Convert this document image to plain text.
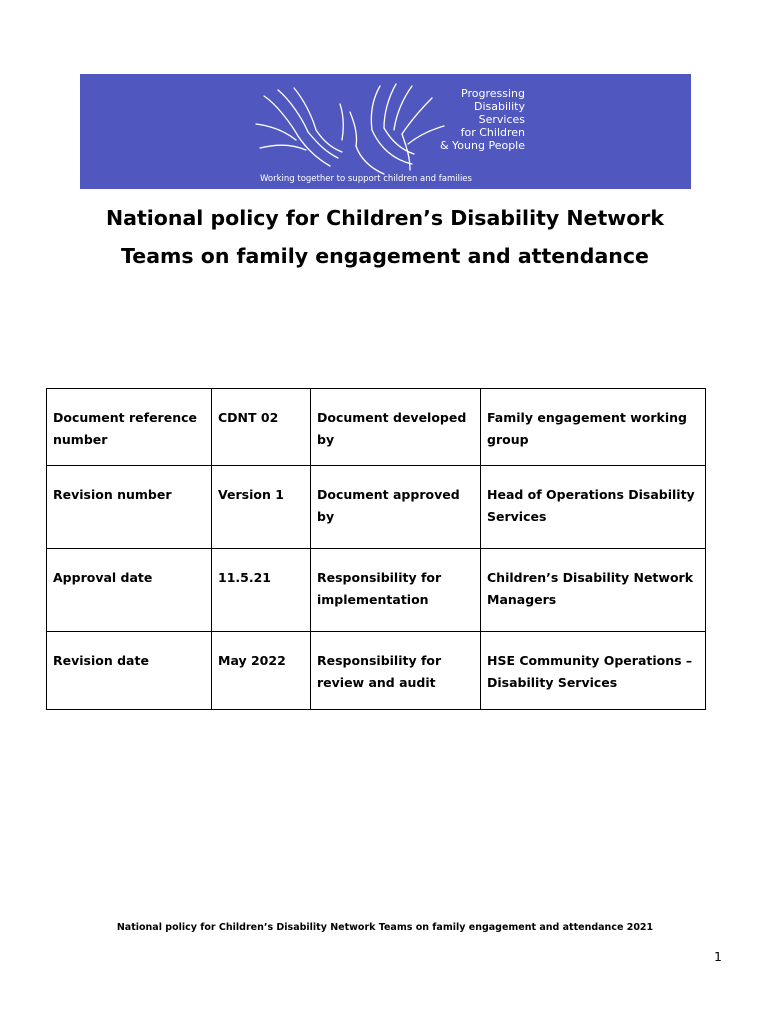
Progressing
Disability
Services
for Children
& Young People
Working together to support children and families
National policy for Children’s Disability Network
Teams on family engagement and attendance
Document reference number	CDNT 02	Document developed by	Family engagement working group
Revision number	Version 1	Document approved by	Head of Operations Disability Services
Approval date	11.5.21	Responsibility for implementation	Children’s Disability Network Managers
Revision date	May 2022	Responsibility for review and audit	HSE Community Operations – Disability Services
National policy for Children’s Disability Network Teams on family engagement and attendance 2021
1
